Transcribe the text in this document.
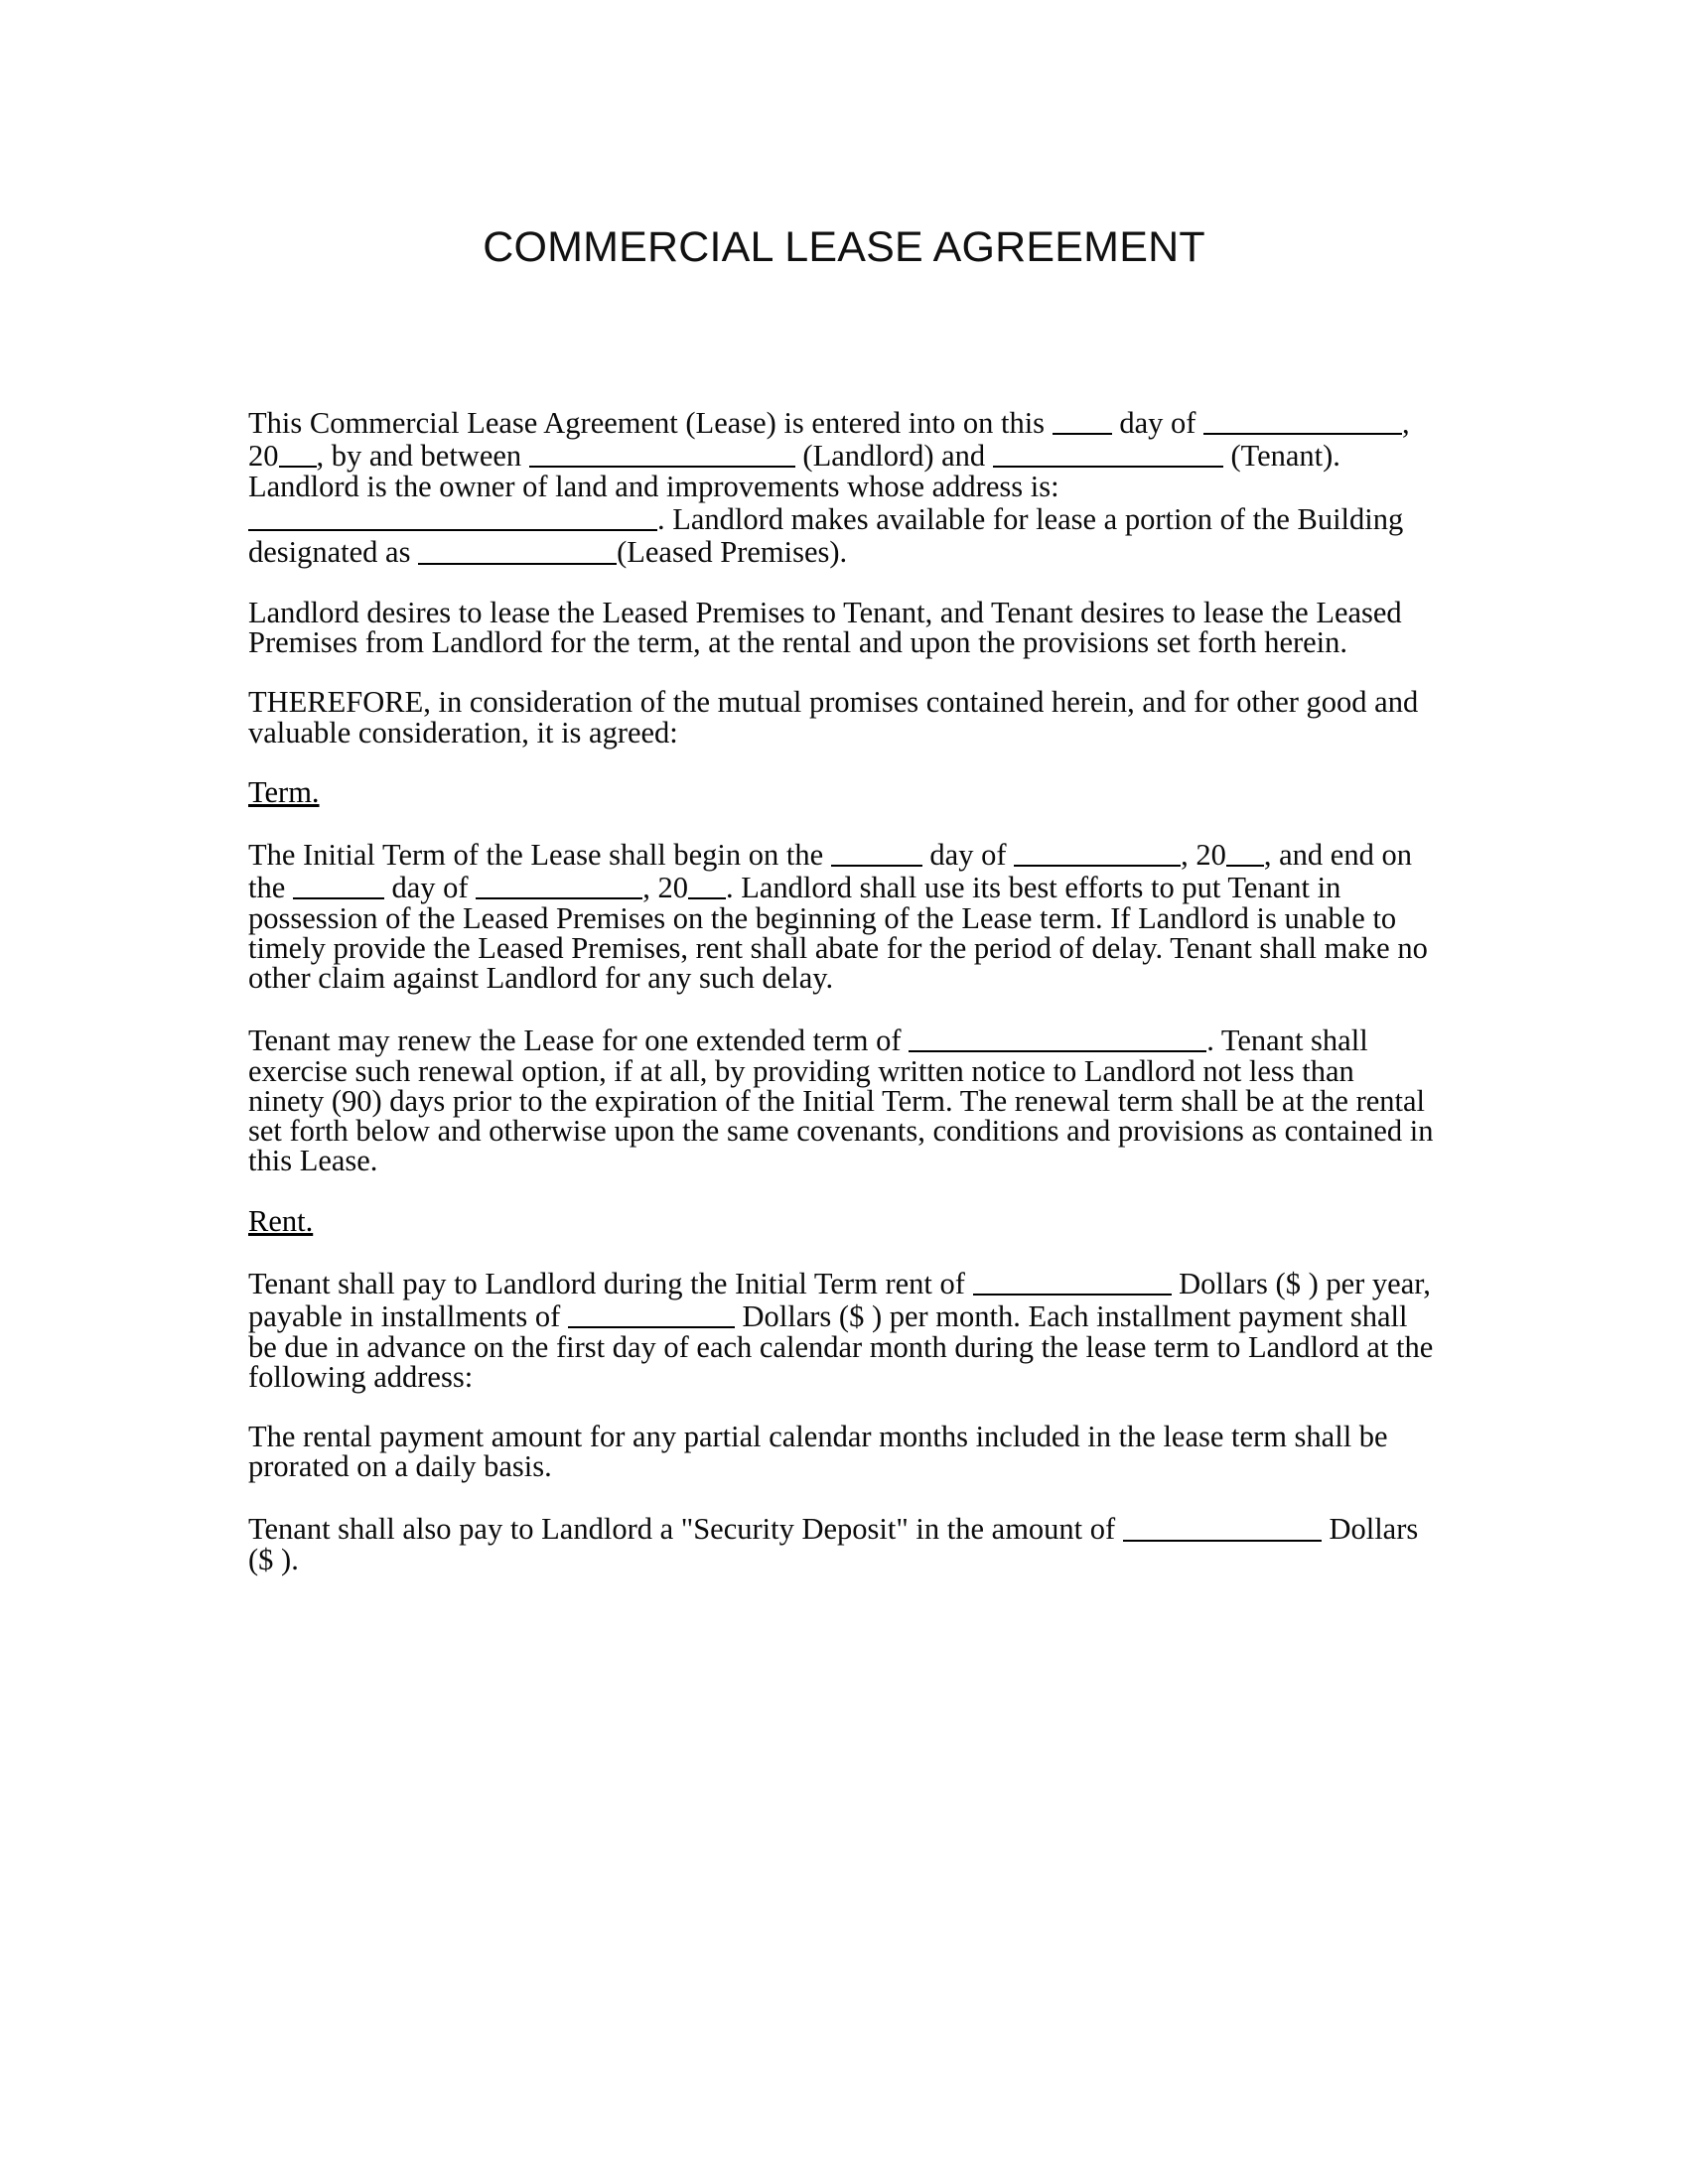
COMMERCIAL LEASE AGREEMENT

This Commercial Lease Agreement (Lease) is entered into on this  day of	, 20 , by and between	(Landlord) and	(Tenant). Landlord is the owner of land and improvements whose address is: . Landlord makes available for lease a portion of the Building designated as	(Leased Premises).

Landlord desires to lease the Leased Premises to Tenant, and Tenant desires to lease the Leased Premises from Landlord for the term, at the rental and upon the provisions set forth herein.

THEREFORE, in consideration of the mutual promises contained herein, and for other good and valuable consideration, it is agreed:

Term.

The Initial Term of the Lease shall begin on the	day of	, 20 , and end on the	day of	, 20 . Landlord shall use its best efforts to put Tenant in possession of the Leased Premises on the beginning of the Lease term. If Landlord is unable to timely provide the Leased Premises, rent shall abate for the period of delay. Tenant shall make no other claim against Landlord for any such delay.

Tenant may renew the Lease for one extended term of	. Tenant shall exercise such renewal option, if at all, by providing written notice to Landlord not less than ninety (90) days prior to the expiration of the Initial Term. The renewal term shall be at the rental set forth below and otherwise upon the same covenants, conditions and provisions as contained in this Lease.

Rent.

Tenant shall pay to Landlord during the Initial Term rent of	Dollars ($ ) per year, payable in installments of	Dollars ($ ) per month. Each installment payment shall be due in advance on the first day of each calendar month during the lease term to Landlord at the following address:

The rental payment amount for any partial calendar months included in the lease term shall be prorated on a daily basis.

Tenant shall also pay to Landlord a "Security Deposit" in the amount of	Dollars ($ ).
